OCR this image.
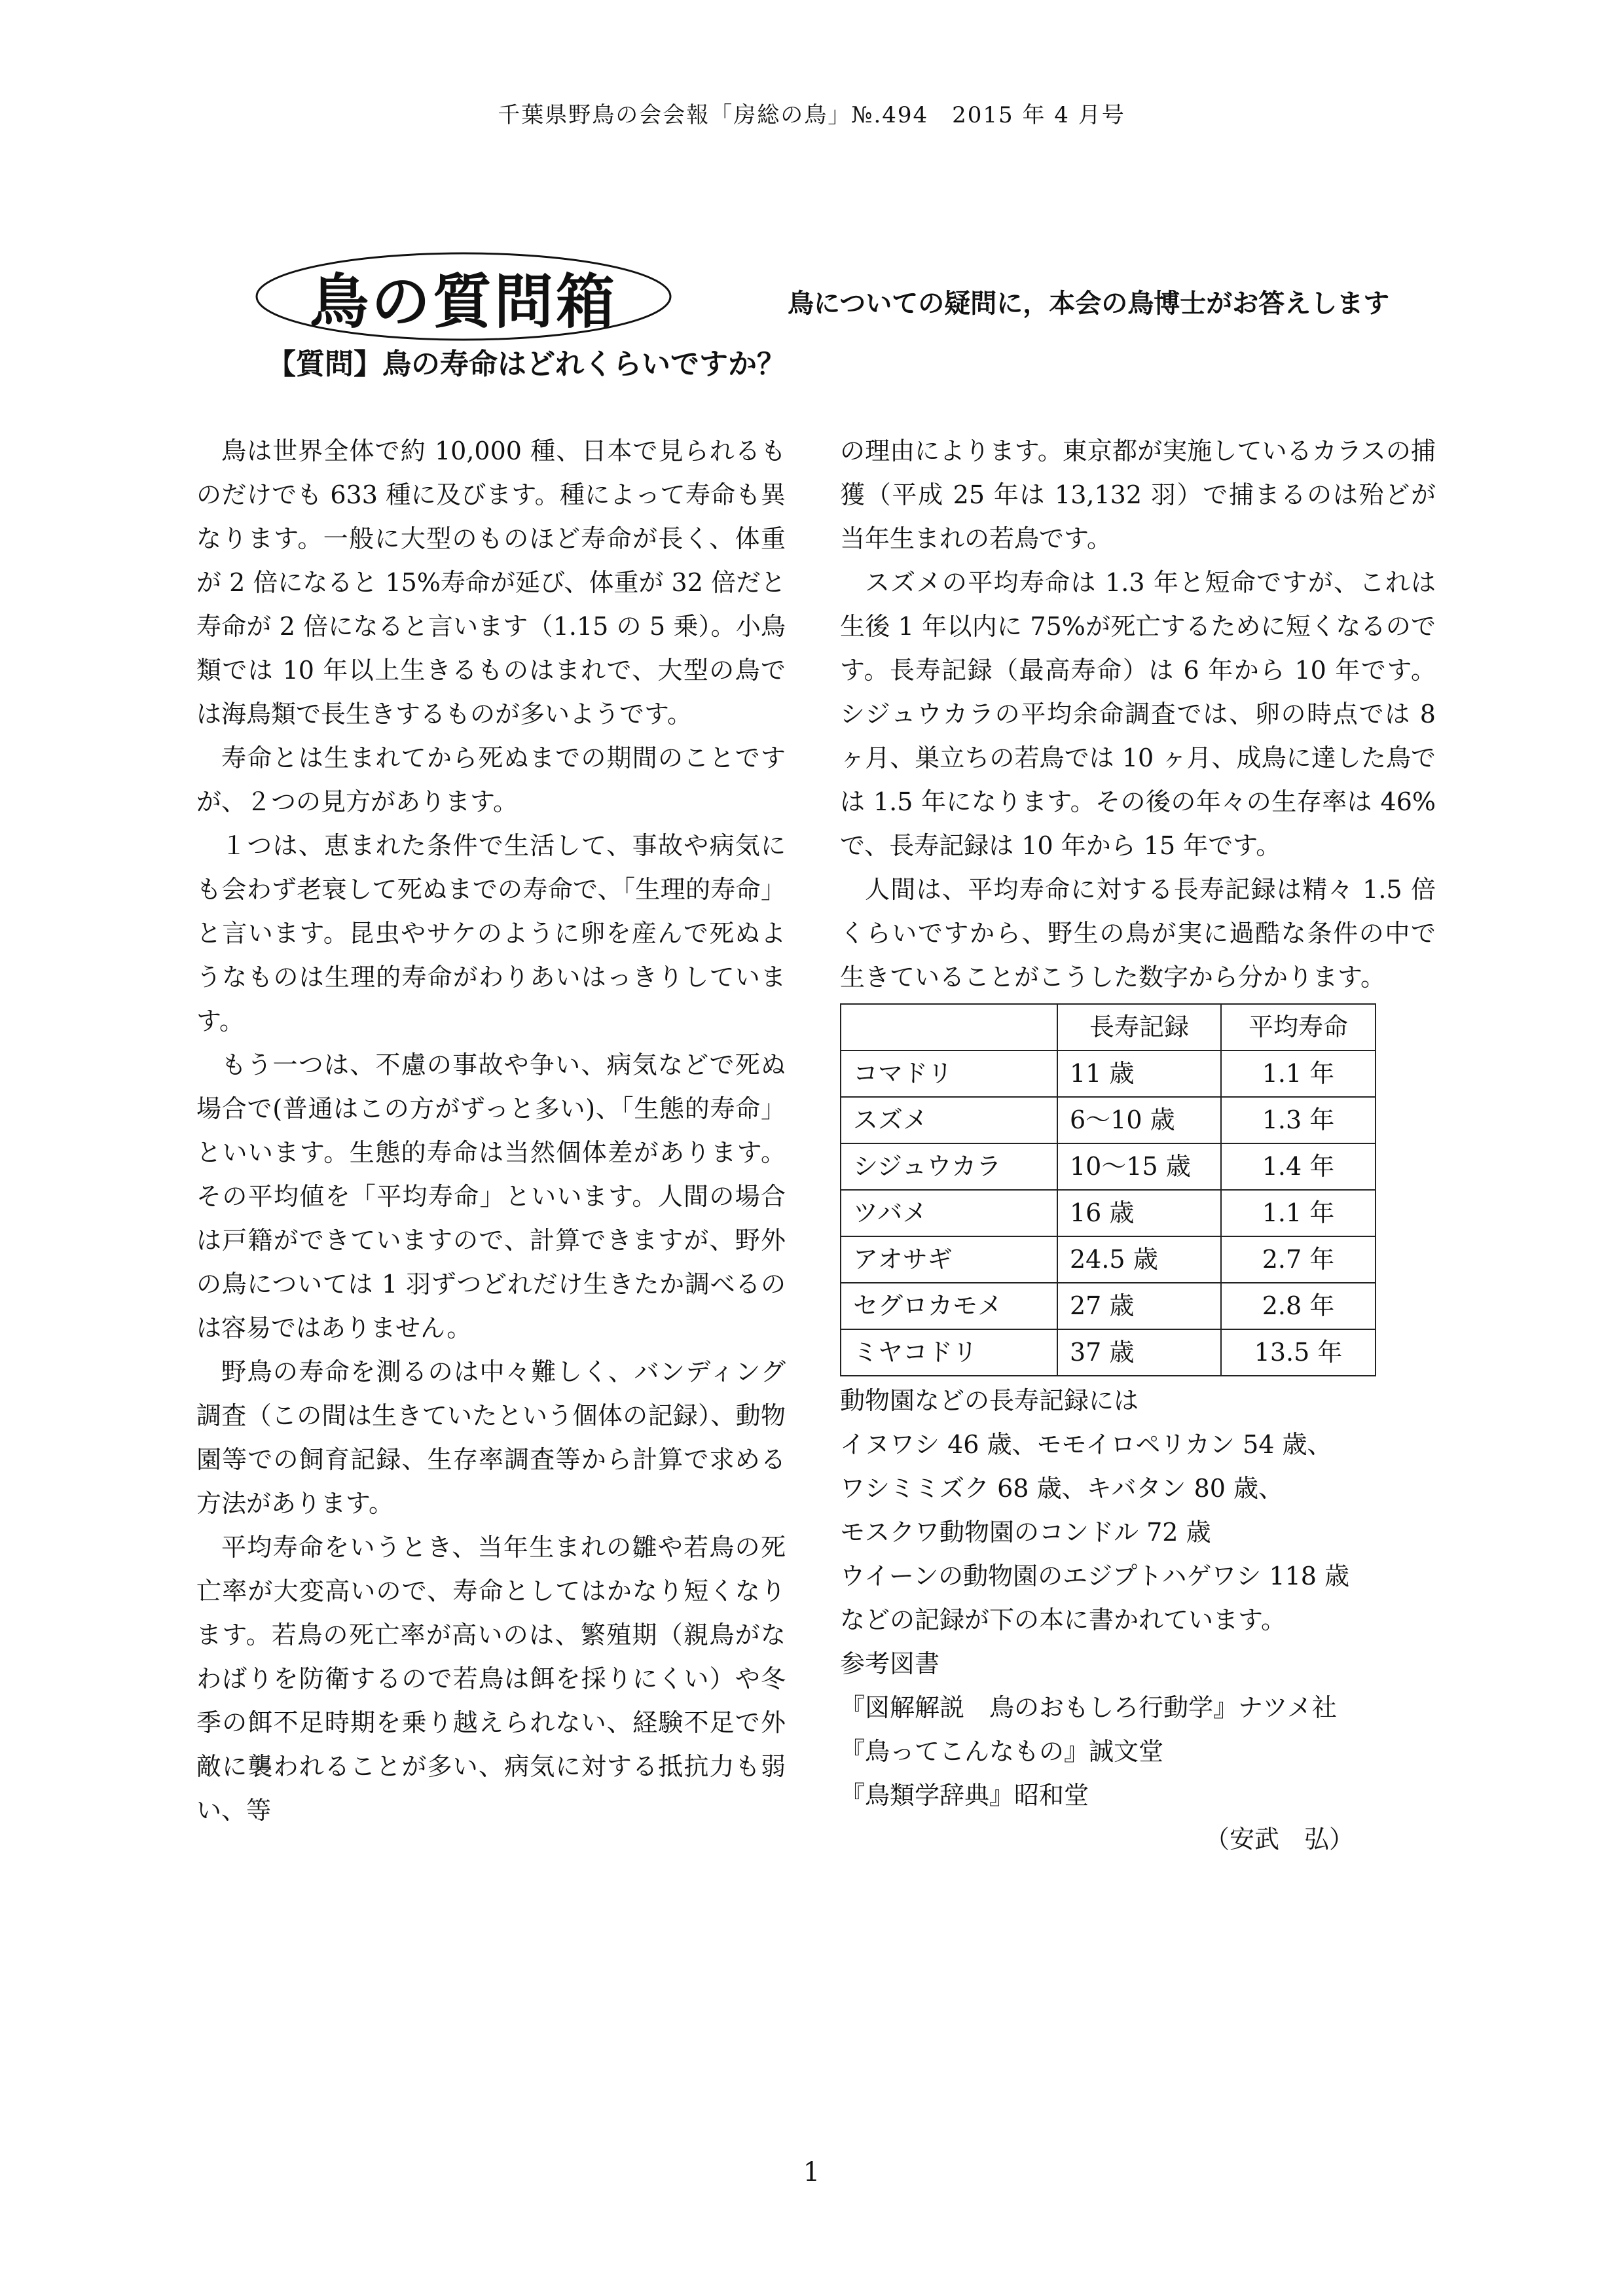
千葉県野鳥の会会報「房総の鳥」№.494　2015 年 4 月号
鳥の質問箱	鳥についての疑問に，本会の鳥博士がお答えします
【質問】鳥の寿命はどれくらいですか？

鳥は世界全体で約 10,000 種、日本で見られるものだけでも 633 種に及びます。種によって寿命も異なります。一般に大型のものほど寿命が長く、体重が 2 倍になると 15%寿命が延び、体重が 32 倍だと寿命が 2 倍になると言います（1.15 の 5 乗）。小鳥類では 10 年以上生きるものはまれで、大型の鳥では海鳥類で長生きするものが多いようです。

寿命とは生まれてから死ぬまでの期間のことですが、２つの見方があります。

１つは、恵まれた条件で生活して、事故や病気にも会わず老衰して死ぬまでの寿命で、「生理的寿命」と言います。昆虫やサケのように卵を産んで死ぬようなものは生理的寿命がわりあいはっきりしています。

もう一つは、不慮の事故や争い、病気などで死ぬ場合で(普通はこの方がずっと多い)、「生態的寿命」といいます。生態的寿命は当然個体差があります。その平均値を「平均寿命」といいます。人間の場合は戸籍ができていますので、計算できますが、野外の鳥については 1 羽ずつどれだけ生きたか調べるのは容易ではありません。

野鳥の寿命を測るのは中々難しく、バンディング調査（この間は生きていたという個体の記録）、動物園等での飼育記録、生存率調査等から計算で求める方法があります。

平均寿命をいうとき、当年生まれの雛や若鳥の死亡率が大変高いので、寿命としてはかなり短くなります。若鳥の死亡率が高いのは、繁殖期（親鳥がなわばりを防衛するので若鳥は餌を採りにくい）や冬季の餌不足時期を乗り越えられない、経験不足で外敵に襲われることが多い、病気に対する抵抗力も弱い、等

の理由によります。東京都が実施しているカラスの捕獲（平成 25 年は 13,132 羽）で捕まるのは殆どが当年生まれの若鳥です。

スズメの平均寿命は 1.3 年と短命ですが、これは生後 1 年以内に 75%が死亡するために短くなるのです。長寿記録（最高寿命）は 6 年から 10 年です。シジュウカラの平均余命調査では、卵の時点では 8 ヶ月、巣立ちの若鳥では 10 ヶ月、成鳥に達した鳥では 1.5 年になります。その後の年々の生存率は 46%で、長寿記録は 10 年から 15 年です。

人間は、平均寿命に対する長寿記録は精々 1.5 倍くらいですから、野生の鳥が実に過酷な条件の中で生きていることがこうした数字から分かります。

	長寿記録	平均寿命
コマドリ	11 歳	1.1 年
スズメ	6～10 歳	1.3 年
シジュウカラ	10～15 歳	1.4 年
ツバメ	16 歳	1.1 年
アオサギ	24.5 歳	2.7 年
セグロカモメ	27 歳	2.8 年
ミヤコドリ	37 歳	13.5 年
動物園などの長寿記録には
イヌワシ 46 歳、モモイロペリカン 54 歳、
ワシミミズク 68 歳、キバタン 80 歳、
モスクワ動物園のコンドル 72 歳
ウイーンの動物園のエジプトハゲワシ 118 歳
などの記録が下の本に書かれています。
参考図書
『図解解説　鳥のおもしろ行動学』ナツメ社
『鳥ってこんなもの』誠文堂
『鳥類学辞典』昭和堂
（安武　弘）
1
